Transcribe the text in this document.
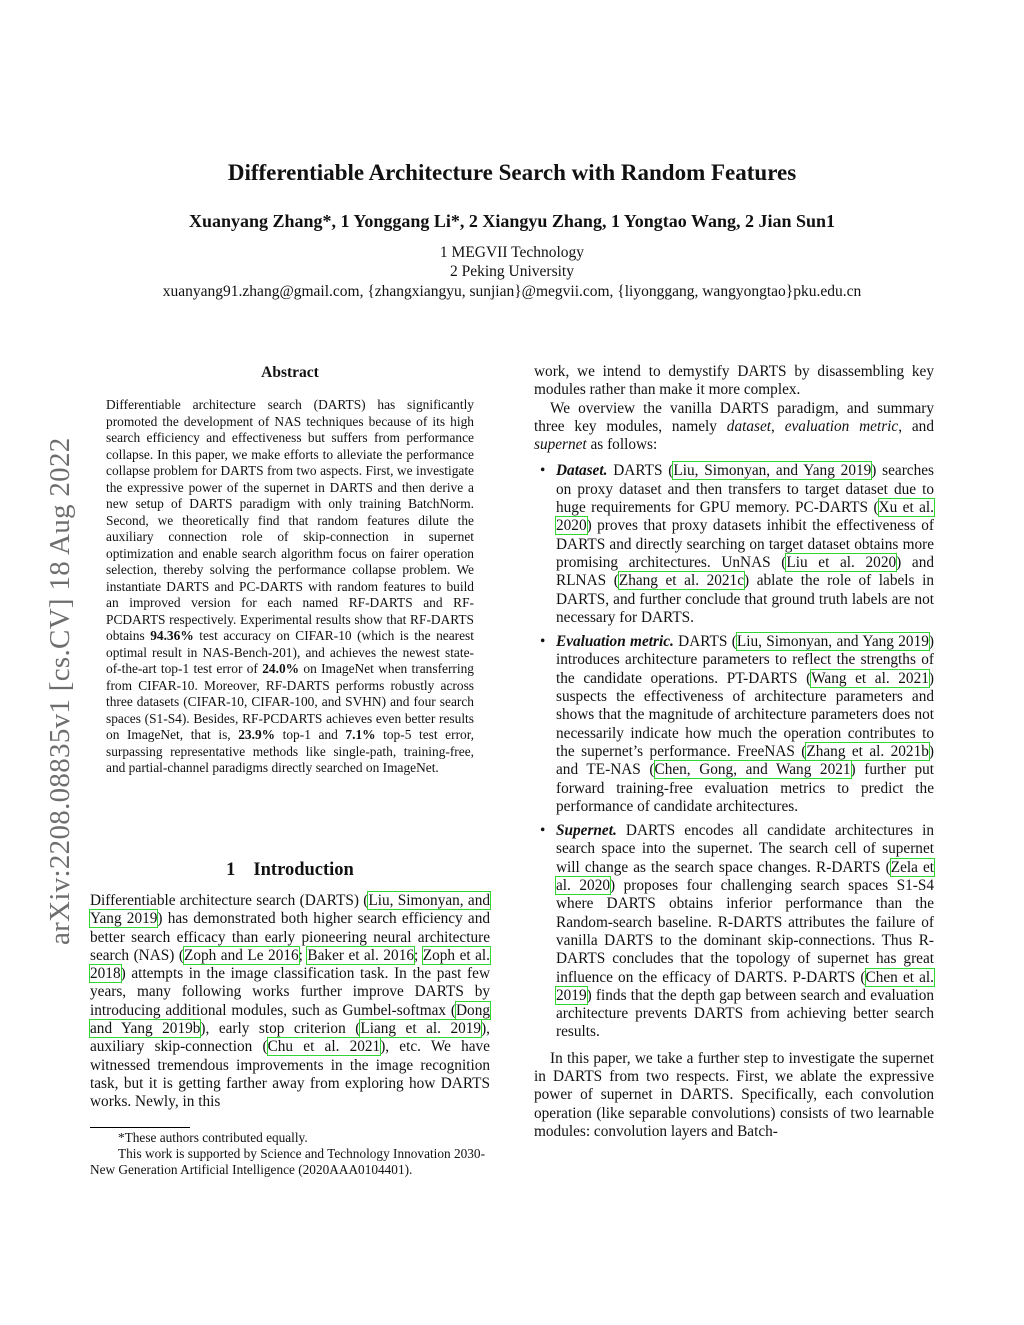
arXiv:2208.08835v1 [cs.CV] 18 Aug 2022
Differentiable Architecture Search with Random Features
Xuanyang Zhang*, 1 Yonggang Li*, 2 Xiangyu Zhang, 1 Yongtao Wang, 2 Jian Sun1
1 MEGVII Technology
2 Peking University
xuanyang91.zhang@gmail.com, {zhangxiangyu, sunjian}@megvii.com, {liyonggang, wangyongtao}pku.edu.cn
Abstract
Differentiable architecture search (DARTS) has significantly promoted the development of NAS techniques because of its high search efficiency and effectiveness but suffers from performance collapse. In this paper, we make efforts to alleviate the performance collapse problem for DARTS from two aspects. First, we investigate the expressive power of the supernet in DARTS and then derive a new setup of DARTS paradigm with only training BatchNorm. Second, we theoretically find that random features dilute the auxiliary connection role of skip-connection in supernet optimization and enable search algorithm focus on fairer operation selection, thereby solving the performance collapse problem. We instantiate DARTS and PC-DARTS with random features to build an improved version for each named RF-DARTS and RF-PCDARTS respectively. Experimental results show that RF-DARTS obtains 94.36% test accuracy on CIFAR-10 (which is the nearest optimal result in NAS-Bench-201), and achieves the newest state-of-the-art top-1 test error of 24.0% on ImageNet when transferring from CIFAR-10. Moreover, RF-DARTS performs robustly across three datasets (CIFAR-10, CIFAR-100, and SVHN) and four search spaces (S1-S4). Besides, RF-PCDARTS achieves even better results on ImageNet, that is, 23.9% top-1 and 7.1% top-5 test error, surpassing representative methods like single-path, training-free, and partial-channel paradigms directly searched on ImageNet.
1 Introduction
Differentiable architecture search (DARTS) (Liu, Simonyan, and Yang 2019) has demonstrated both higher search efficiency and better search efficacy than early pioneering neural architecture search (NAS) (Zoph and Le 2016; Baker et al. 2016; Zoph et al. 2018) attempts in the image classification task. In the past few years, many following works further improve DARTS by introducing additional modules, such as Gumbel-softmax (Dong and Yang 2019b), early stop criterion (Liang et al. 2019), auxiliary skip-connection (Chu et al. 2021), etc. We have witnessed tremendous improvements in the image recognition task, but it is getting farther away from exploring how DARTS works. Newly, in this

*These authors contributed equally.

This work is supported by Science and Technology Innovation 2030-New Generation Artificial Intelligence (2020AAA0104401).

work, we intend to demystify DARTS by disassembling key modules rather than make it more complex.

We overview the vanilla DARTS paradigm, and summary three key modules, namely dataset, evaluation metric, and supernet as follows:

• Dataset. DARTS (Liu, Simonyan, and Yang 2019) searches on proxy dataset and then transfers to target dataset due to huge requirements for GPU memory. PC-DARTS (Xu et al. 2020) proves that proxy datasets inhibit the effectiveness of DARTS and directly searching on target dataset obtains more promising architectures. UnNAS (Liu et al. 2020) and RLNAS (Zhang et al. 2021c) ablate the role of labels in DARTS, and further conclude that ground truth labels are not necessary for DARTS.
• Evaluation metric. DARTS (Liu, Simonyan, and Yang 2019) introduces architecture parameters to reflect the strengths of the candidate operations. PT-DARTS (Wang et al. 2021) suspects the effectiveness of architecture parameters and shows that the magnitude of architecture parameters does not necessarily indicate how much the operation contributes to the supernet’s performance. FreeNAS (Zhang et al. 2021b) and TE-NAS (Chen, Gong, and Wang 2021) further put forward training-free evaluation metrics to predict the performance of candidate architectures.
• Supernet. DARTS encodes all candidate architectures in search space into the supernet. The search cell of supernet will change as the search space changes. R-DARTS (Zela et al. 2020) proposes four challenging search spaces S1-S4 where DARTS obtains inferior performance than the Random-search baseline. R-DARTS attributes the failure of vanilla DARTS to the dominant skip-connections. Thus R-DARTS concludes that the topology of supernet has great influence on the efficacy of DARTS. P-DARTS (Chen et al. 2019) finds that the depth gap between search and evaluation architecture prevents DARTS from achieving better search results.

In this paper, we take a further step to investigate the supernet in DARTS from two respects. First, we ablate the expressive power of supernet in DARTS. Specifically, each convolution operation (like separable convolutions) consists of two learnable modules: convolution layers and Batch-
